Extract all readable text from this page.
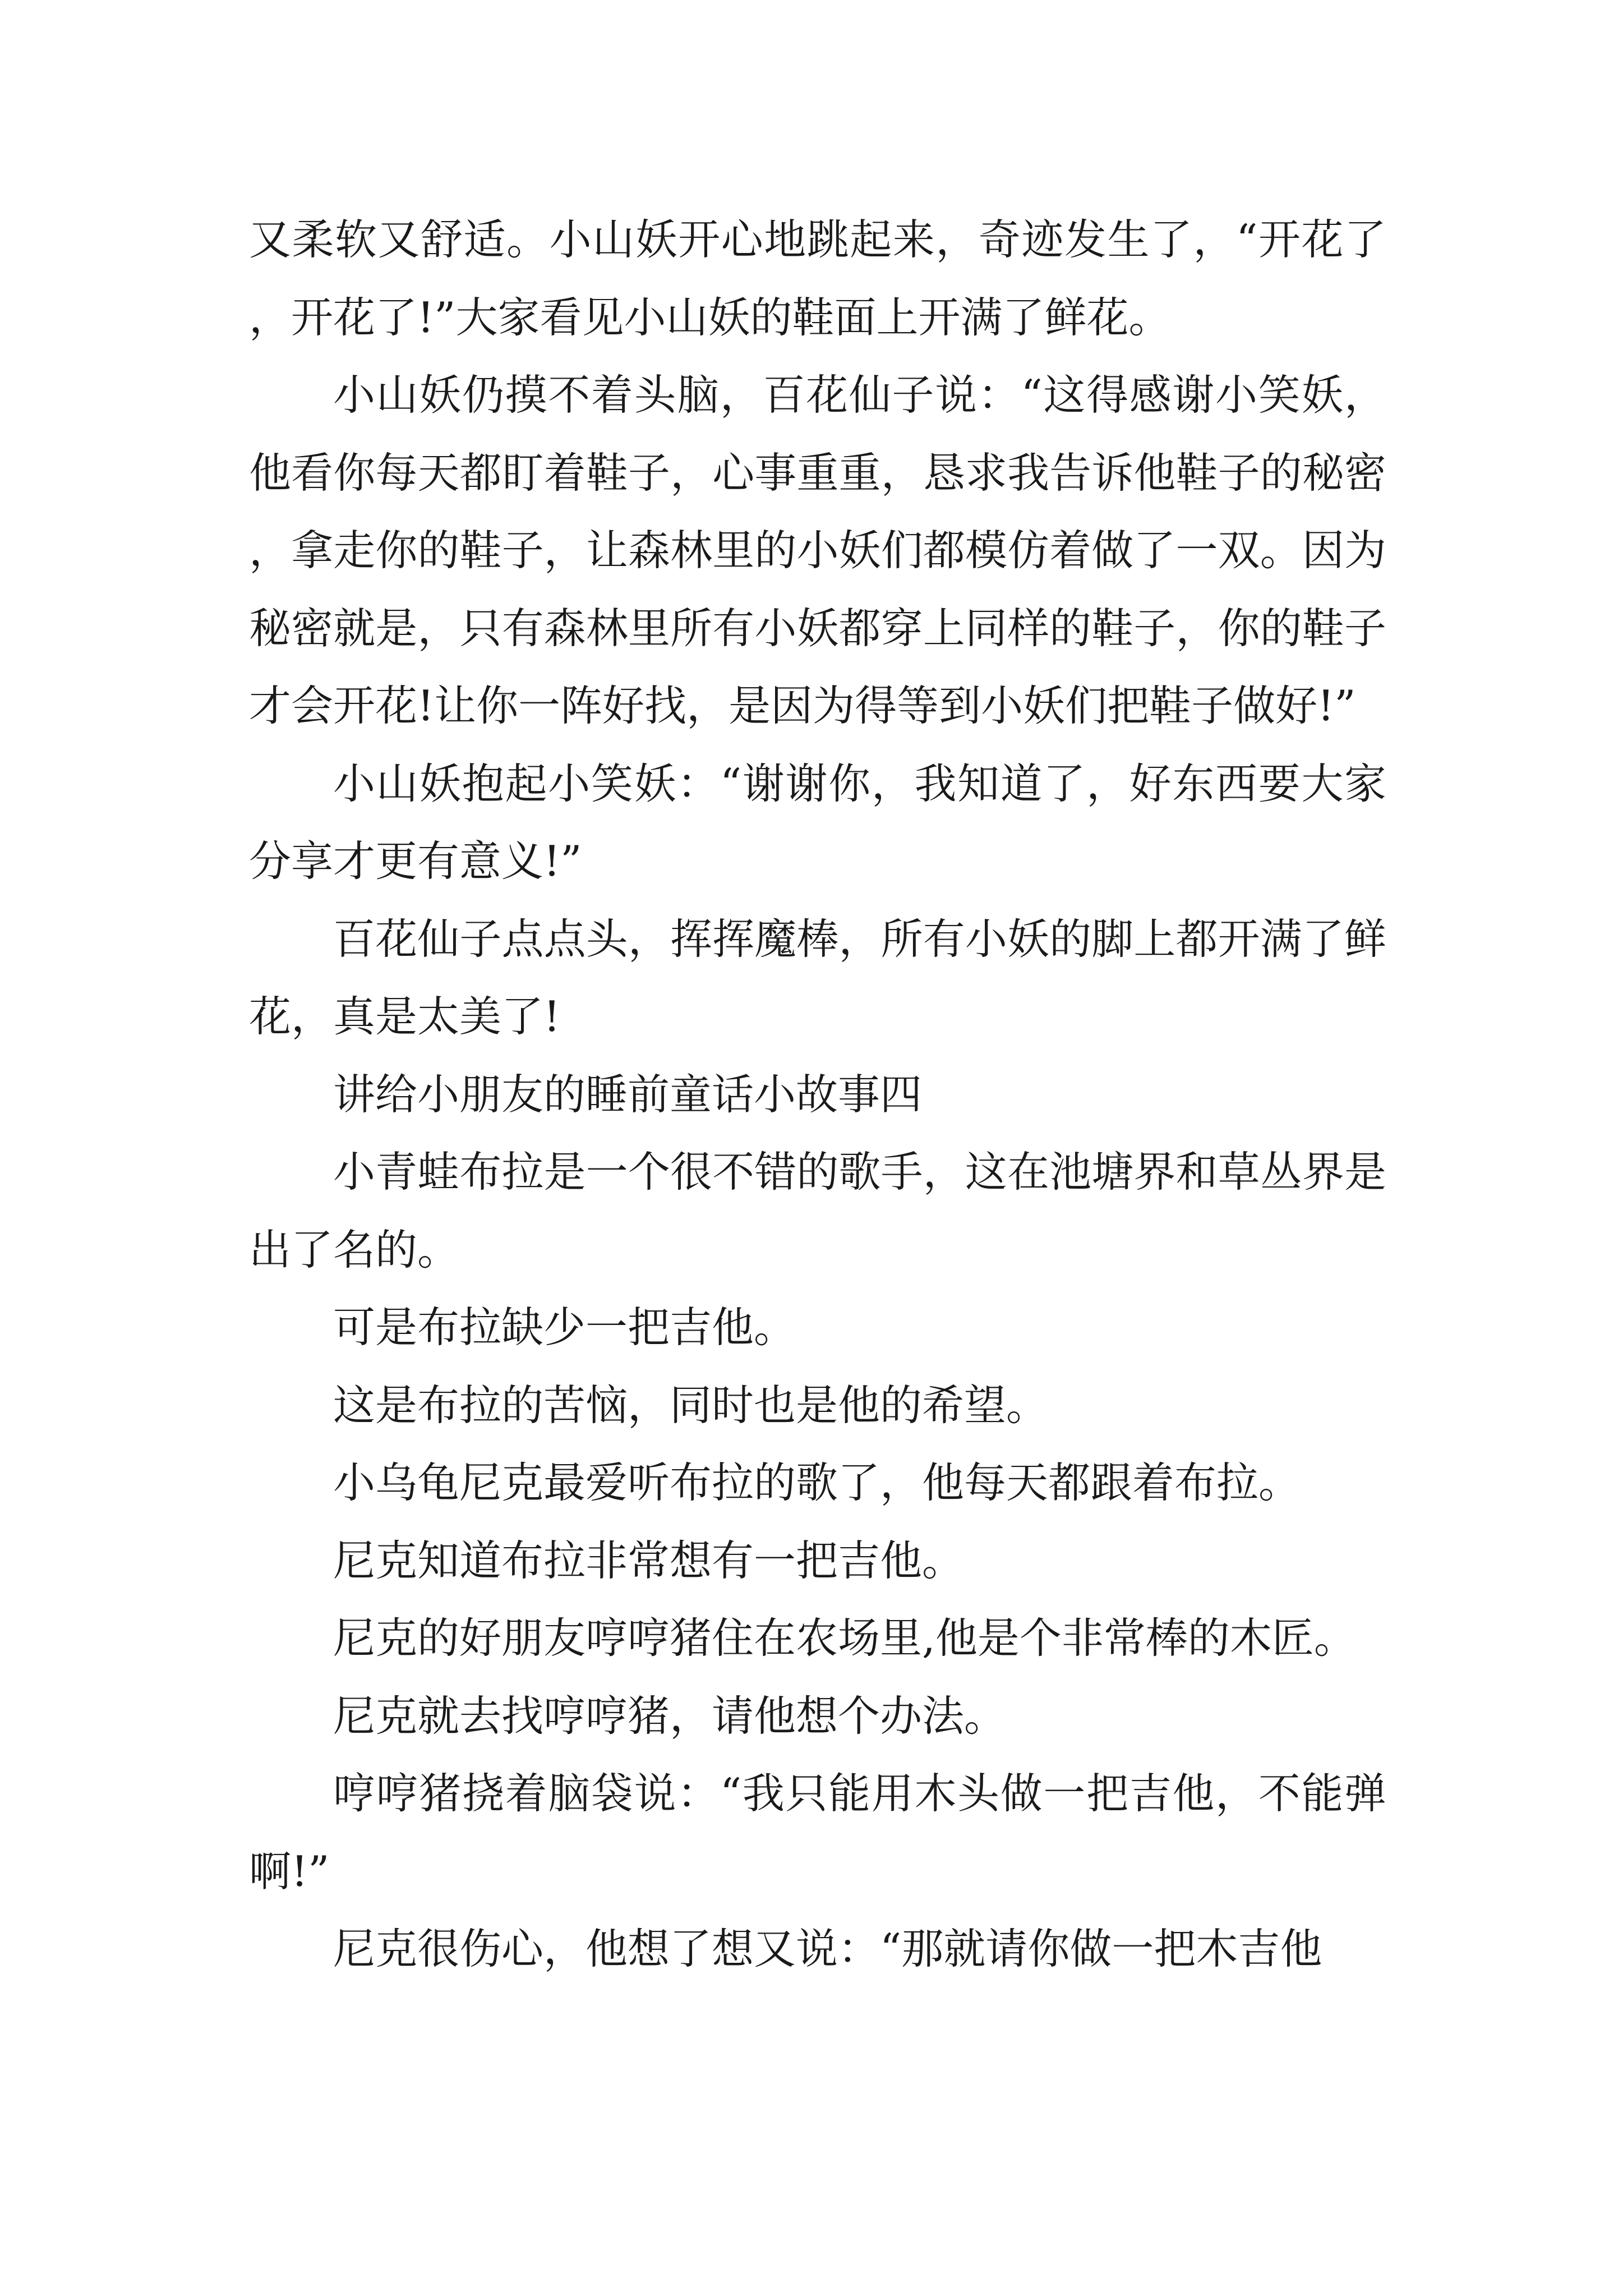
又柔软又舒适。小山妖开心地跳起来，奇迹发生了，“开花了，开花了!”大家看见小山妖的鞋面上开满了鲜花。

小山妖仍摸不着头脑，百花仙子说：“这得感谢小笑妖，他看你每天都盯着鞋子，心事重重，恳求我告诉他鞋子的秘密，拿走你的鞋子，让森林里的小妖们都模仿着做了一双。因为秘密就是，只有森林里所有小妖都穿上同样的鞋子，你的鞋子才会开花!让你一阵好找，是因为得等到小妖们把鞋子做好!”

小山妖抱起小笑妖：“谢谢你，我知道了，好东西要大家分享才更有意义!”

百花仙子点点头，挥挥魔棒，所有小妖的脚上都开满了鲜花，真是太美了!

讲给小朋友的睡前童话小故事四

小青蛙布拉是一个很不错的歌手，这在池塘界和草丛界是出了名的。

可是布拉缺少一把吉他。

这是布拉的苦恼，同时也是他的希望。

小乌龟尼克最爱听布拉的歌了，他每天都跟着布拉。

尼克知道布拉非常想有一把吉他。

尼克的好朋友哼哼猪住在农场里,他是个非常棒的木匠。

尼克就去找哼哼猪，请他想个办法。

哼哼猪挠着脑袋说：“我只能用木头做一把吉他，不能弹啊!”

尼克很伤心，他想了想又说：“那就请你做一把木吉他
